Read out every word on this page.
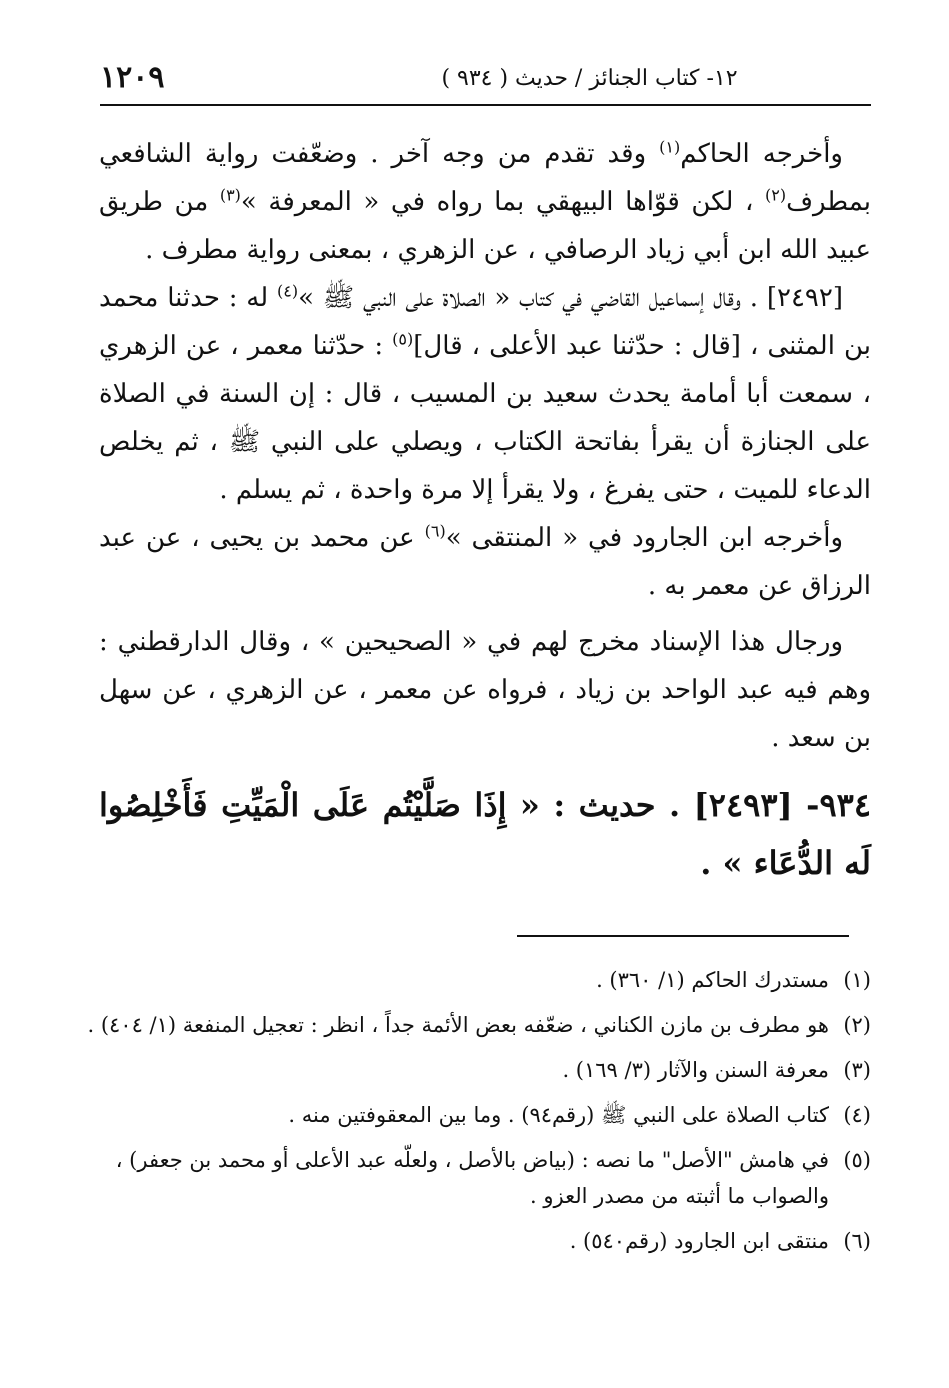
١٢- كتاب الجنائز / حديث ( ٩٣٤ )
١٢٠٩

وأخرجه الحاكم$^{(١)}$ وقد تقدم من وجه آخر . وضعّفت رواية الشافعي بمطرف$^{(٢)}$ ، لكن قوّاها البيهقي بما رواه في « المعرفة »$^{(٣)}$ من طريق عبيد الله ابن أبي زياد الرصافي ، عن الزهري ، بمعنى رواية مطرف .

[٢٤٩٢] . وقال إسماعيل القاضي في كتاب « الصلاة على النبي ﷺ »$^{(٤)}$ له : حدثنا محمد بن المثنى ، [قال : حدّثنا عبد الأعلى ، قال]$^{(٥)}$ : حدّثنا معمر ، عن الزهري ، سمعت أبا أمامة يحدث سعيد بن المسيب ، قال : إن السنة في الصلاة على الجنازة أن يقرأ بفاتحة الكتاب ، ويصلي على النبي ﷺ ، ثم يخلص الدعاء للميت ، حتى يفرغ ، ولا يقرأ إلا مرة واحدة ، ثم يسلم .

وأخرجه ابن الجارود في « المنتقى »$^{(٦)}$ عن محمد بن يحيى ، عن عبد الرزاق عن معمر به .

ورجال هذا الإسناد مخرج لهم في « الصحيحين » ، وقال الدارقطني : وهم فيه عبد الواحد بن زياد ، فرواه عن معمر ، عن الزهري ، عن سهل بن سعد .

٩٣٤- [٢٤٩٣] . حديث : « إِذَا صَلَّيْتُم عَلَى الْمَيِّتِ فَأَخْلِصُوا لَه الدُّعَاء » .

(١)
مستدرك الحاكم (١/ ٣٦٠) .
(٢)
هو مطرف بن مازن الكناني ، ضعّفه بعض الأئمة جداً ، انظر : تعجيل المنفعة (١/ ٤٠٤) .
(٣)
معرفة السنن والآثار (٣/ ١٦٩) .
(٤)
كتاب الصلاة على النبي ﷺ (رقم٩٤) . وما بين المعقوفتين منه .
(٥)
في هامش "الأصل" ما نصه : (بياض بالأصل ، ولعلّه عبد الأعلى أو محمد بن جعفر) ، والصواب ما أثبته من مصدر العزو .
(٦)
منتقى ابن الجارود (رقم٥٤٠) .
